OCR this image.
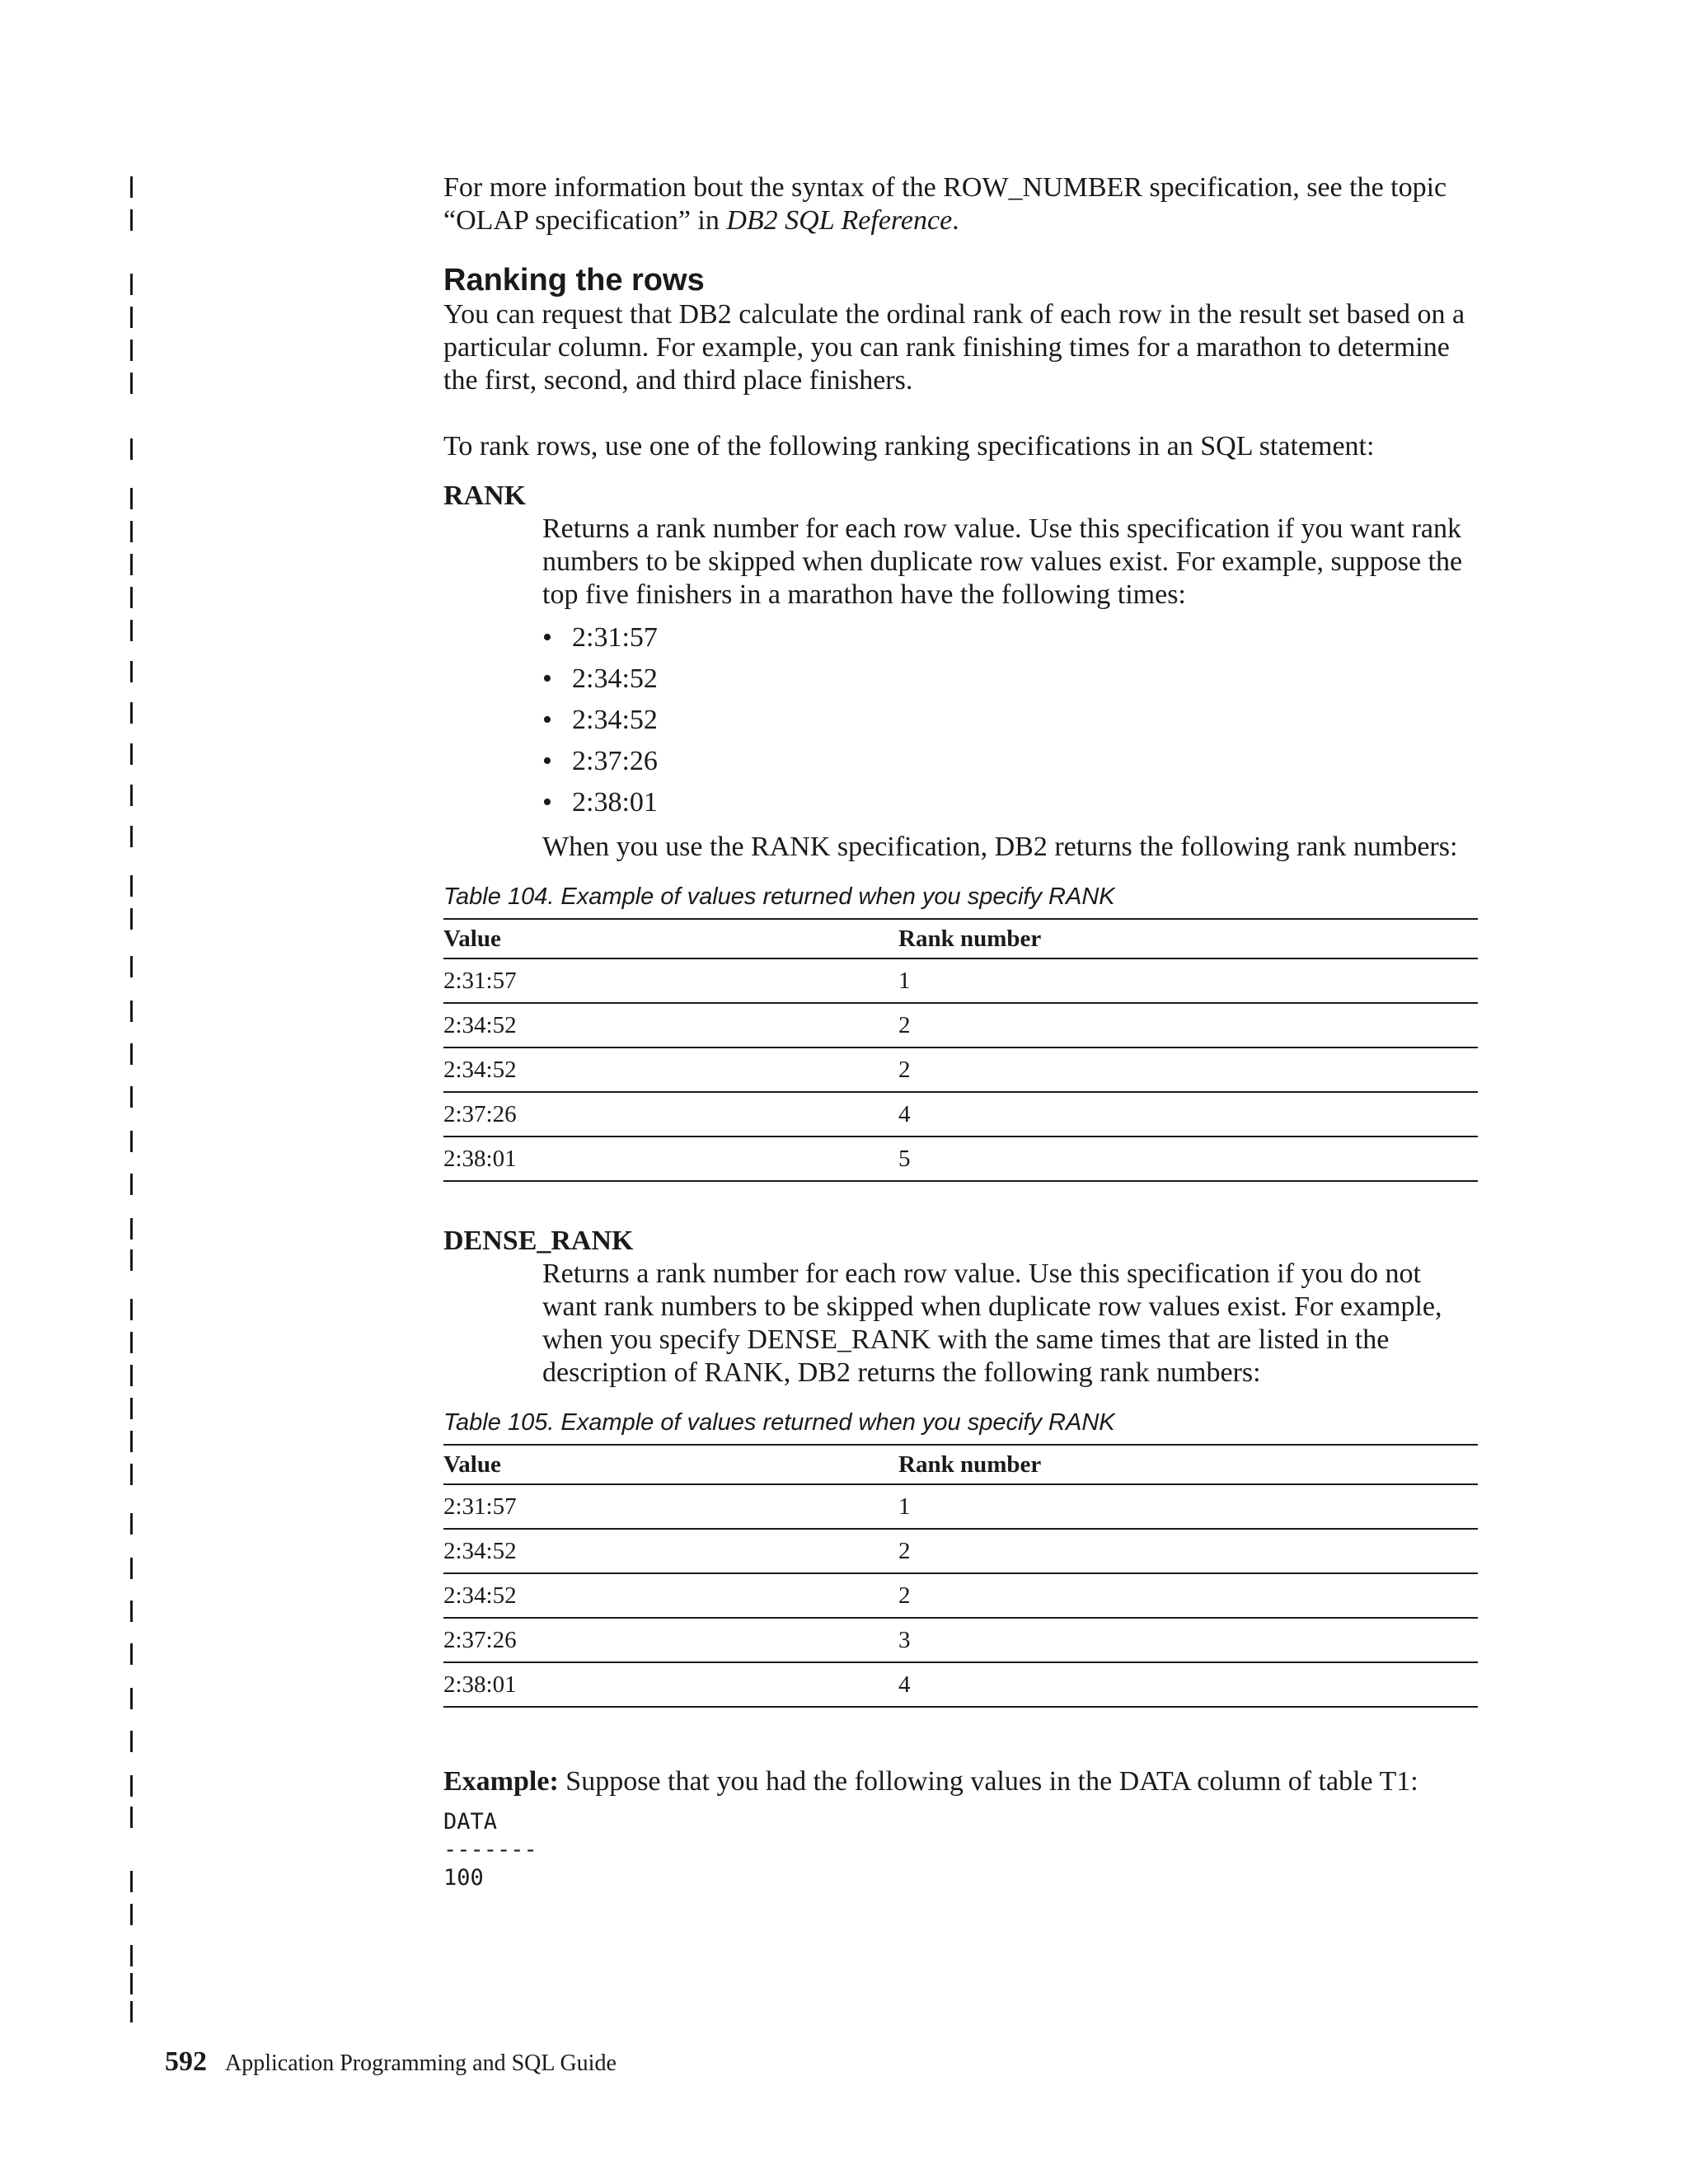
For more information bout the syntax of the ROW_NUMBER specification, see the topic “OLAP specification” in DB2 SQL Reference.

Ranking the rows

You can request that DB2 calculate the ordinal rank of each row in the result set based on a particular column. For example, you can rank finishing times for a marathon to determine the first, second, and third place finishers.

To rank rows, use one of the following ranking specifications in an SQL statement:

RANK

Returns a rank number for each row value. Use this specification if you want rank numbers to be skipped when duplicate row values exist. For example, suppose the top five finishers in a marathon have the following times:

• 2:31:57
• 2:34:52
• 2:34:52
• 2:37:26
• 2:38:01

When you use the RANK specification, DB2 returns the following rank numbers:

Table 104. Example of values returned when you specify RANK
Value	Rank number
2:31:57	1
2:34:52	2
2:34:52	2
2:37:26	4
2:38:01	5
DENSE_RANK

Returns a rank number for each row value. Use this specification if you do not want rank numbers to be skipped when duplicate row values exist. For example, when you specify DENSE_RANK with the same times that are listed in the description of RANK, DB2 returns the following rank numbers:

Table 105. Example of values returned when you specify RANK
Value	Rank number
2:31:57	1
2:34:52	2
2:34:52	2
2:37:26	3
2:38:01	4

Example: Suppose that you had the following values in the DATA column of table T1:

DATA
-------
100
592 Application Programming and SQL Guide
